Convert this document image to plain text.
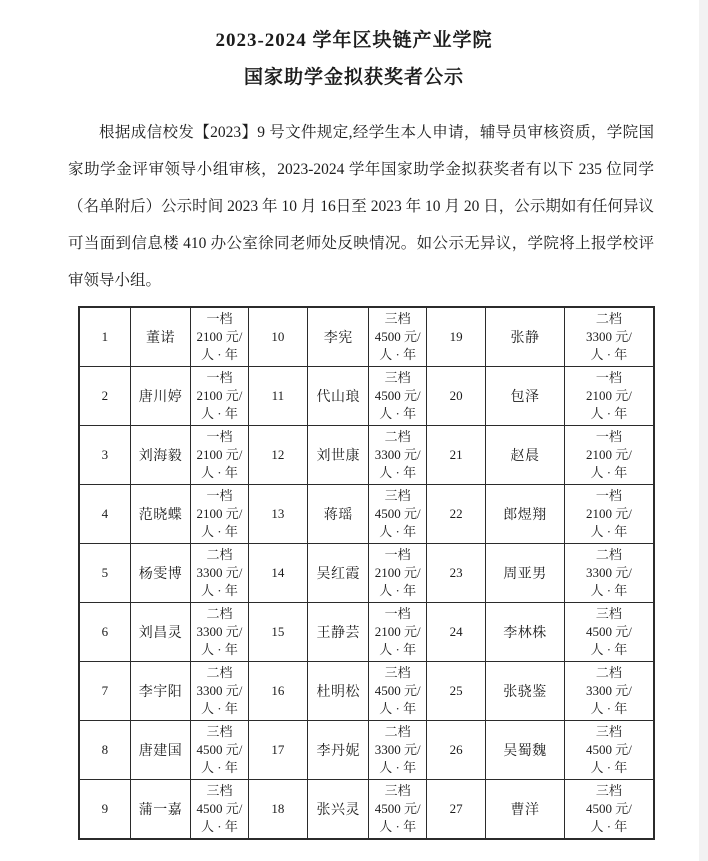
2023-2024 学年区块链产业学院
国家助学金拟获奖者公示

根据成信校发【2023】9 号文件规定,经学生本人申请，辅导员审核资质，学院国家助学金评审领导小组审核，2023-2024 学年国家助学金拟获奖者有以下 235 位同学（名单附后）公示时间 2023 年 10 月 16日至 2023 年 10 月 20 日，公示期如有任何异议可当面到信息楼 410 办公室徐同老师处反映情况。如公示无异议，学院将上报学校评审领导小组。

1	董诺	一档
2100 元/
人 · 年	10	李宪	三档
4500 元/
人 · 年	19	张静	二档
3300 元/
人 · 年

2	唐川婷	一档
2100 元/
人 · 年	11	代山琅	三档
4500 元/
人 · 年	20	包泽	一档
2100 元/
人 · 年

3	刘海毅	一档
2100 元/
人 · 年	12	刘世康	二档
3300 元/
人 · 年	21	赵晨	一档
2100 元/
人 · 年

4	范晓蝶	一档
2100 元/
人 · 年	13	蒋瑶	三档
4500 元/
人 · 年	22	郎煜翔	一档
2100 元/
人 · 年

5	杨雯博	二档
3300 元/
人 · 年	14	吴红霞	一档
2100 元/
人 · 年	23	周亚男	二档
3300 元/
人 · 年

6	刘昌灵	二档
3300 元/
人 · 年	15	王静芸	一档
2100 元/
人 · 年	24	李林株	三档
4500 元/
人 · 年

7	李宇阳	二档
3300 元/
人 · 年	16	杜明松	三档
4500 元/
人 · 年	25	张骁鉴	二档
3300 元/
人 · 年

8	唐建国	三档
4500 元/
人 · 年	17	李丹妮	二档
3300 元/
人 · 年	26	吴蜀魏	三档
4500 元/
人 · 年

9	蒲一嘉	三档
4500 元/
人 · 年	18	张兴灵	三档
4500 元/
人 · 年	27	曹洋	三档
4500 元/
人 · 年
